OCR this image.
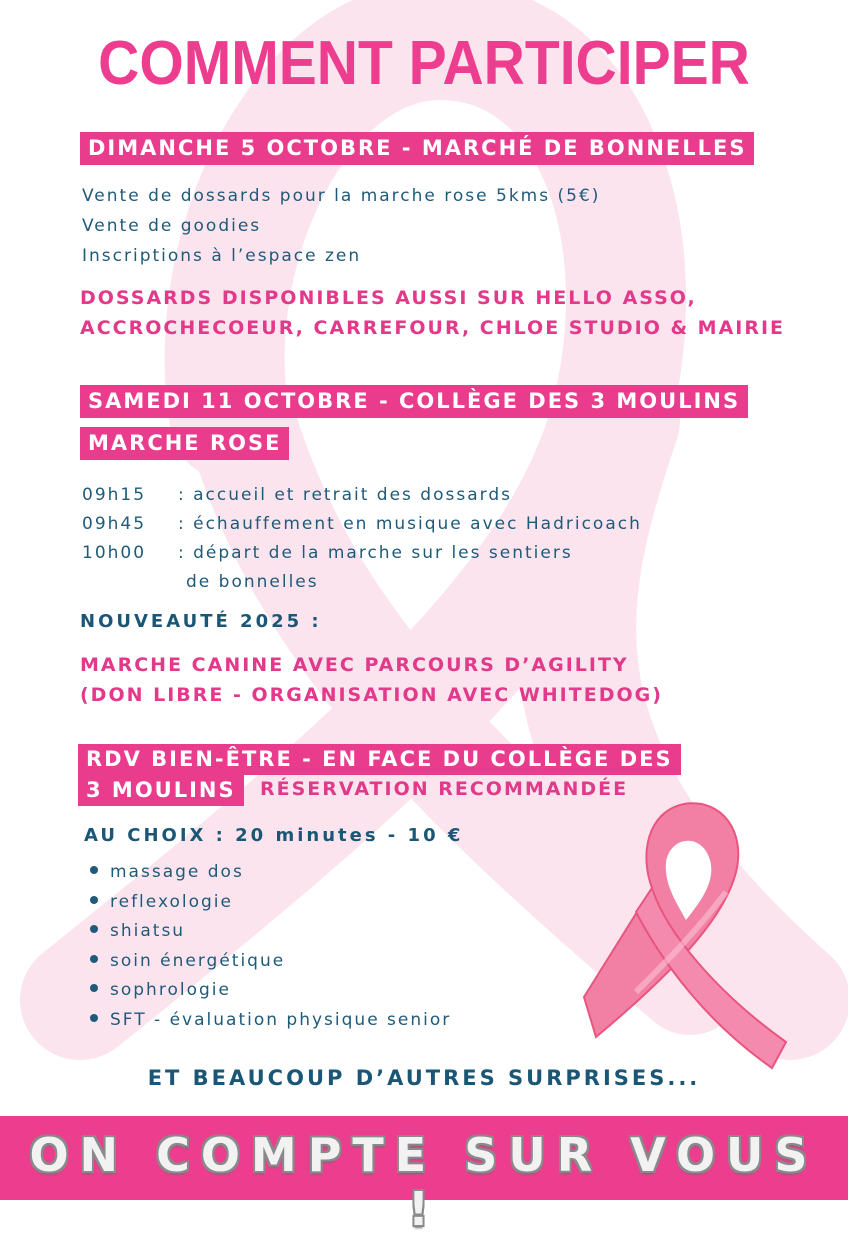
COMMENT PARTICIPER
DIMANCHE 5 OCTOBRE - MARCHÉ DE BONNELLES
Vente de dossards pour la marche rose 5kms (5€)
Vente de goodies
Inscriptions à l’espace zen
DOSSARDS DISPONIBLES AUSSI SUR HELLO ASSO,
ACCROCHECOEUR, CARREFOUR, CHLOE STUDIO & MAIRIE
SAMEDI 11 OCTOBRE - COLLÈGE DES 3 MOULINS
MARCHE ROSE
09h15 : accueil et retrait des dossards
09h45 : échauffement en musique avec Hadricoach
10h00 : départ de la marche sur les sentiers
de bonnelles
NOUVEAUTÉ 2025 :
MARCHE CANINE AVEC PARCOURS D’AGILITY
(DON LIBRE - ORGANISATION AVEC WHITEDOG)
RDV BIEN-ÊTRE - EN FACE DU COLLÈGE DES
3 MOULINS	RÉSERVATION RECOMMANDÉE
AU CHOIX : 20 minutes - 10 €
massage dos
reflexologie
shiatsu
soin énergétique
sophrologie
SFT - évaluation physique senior
ET BEAUCOUP D’AUTRES SURPRISES...
ON COMPTE SUR VOUS !
